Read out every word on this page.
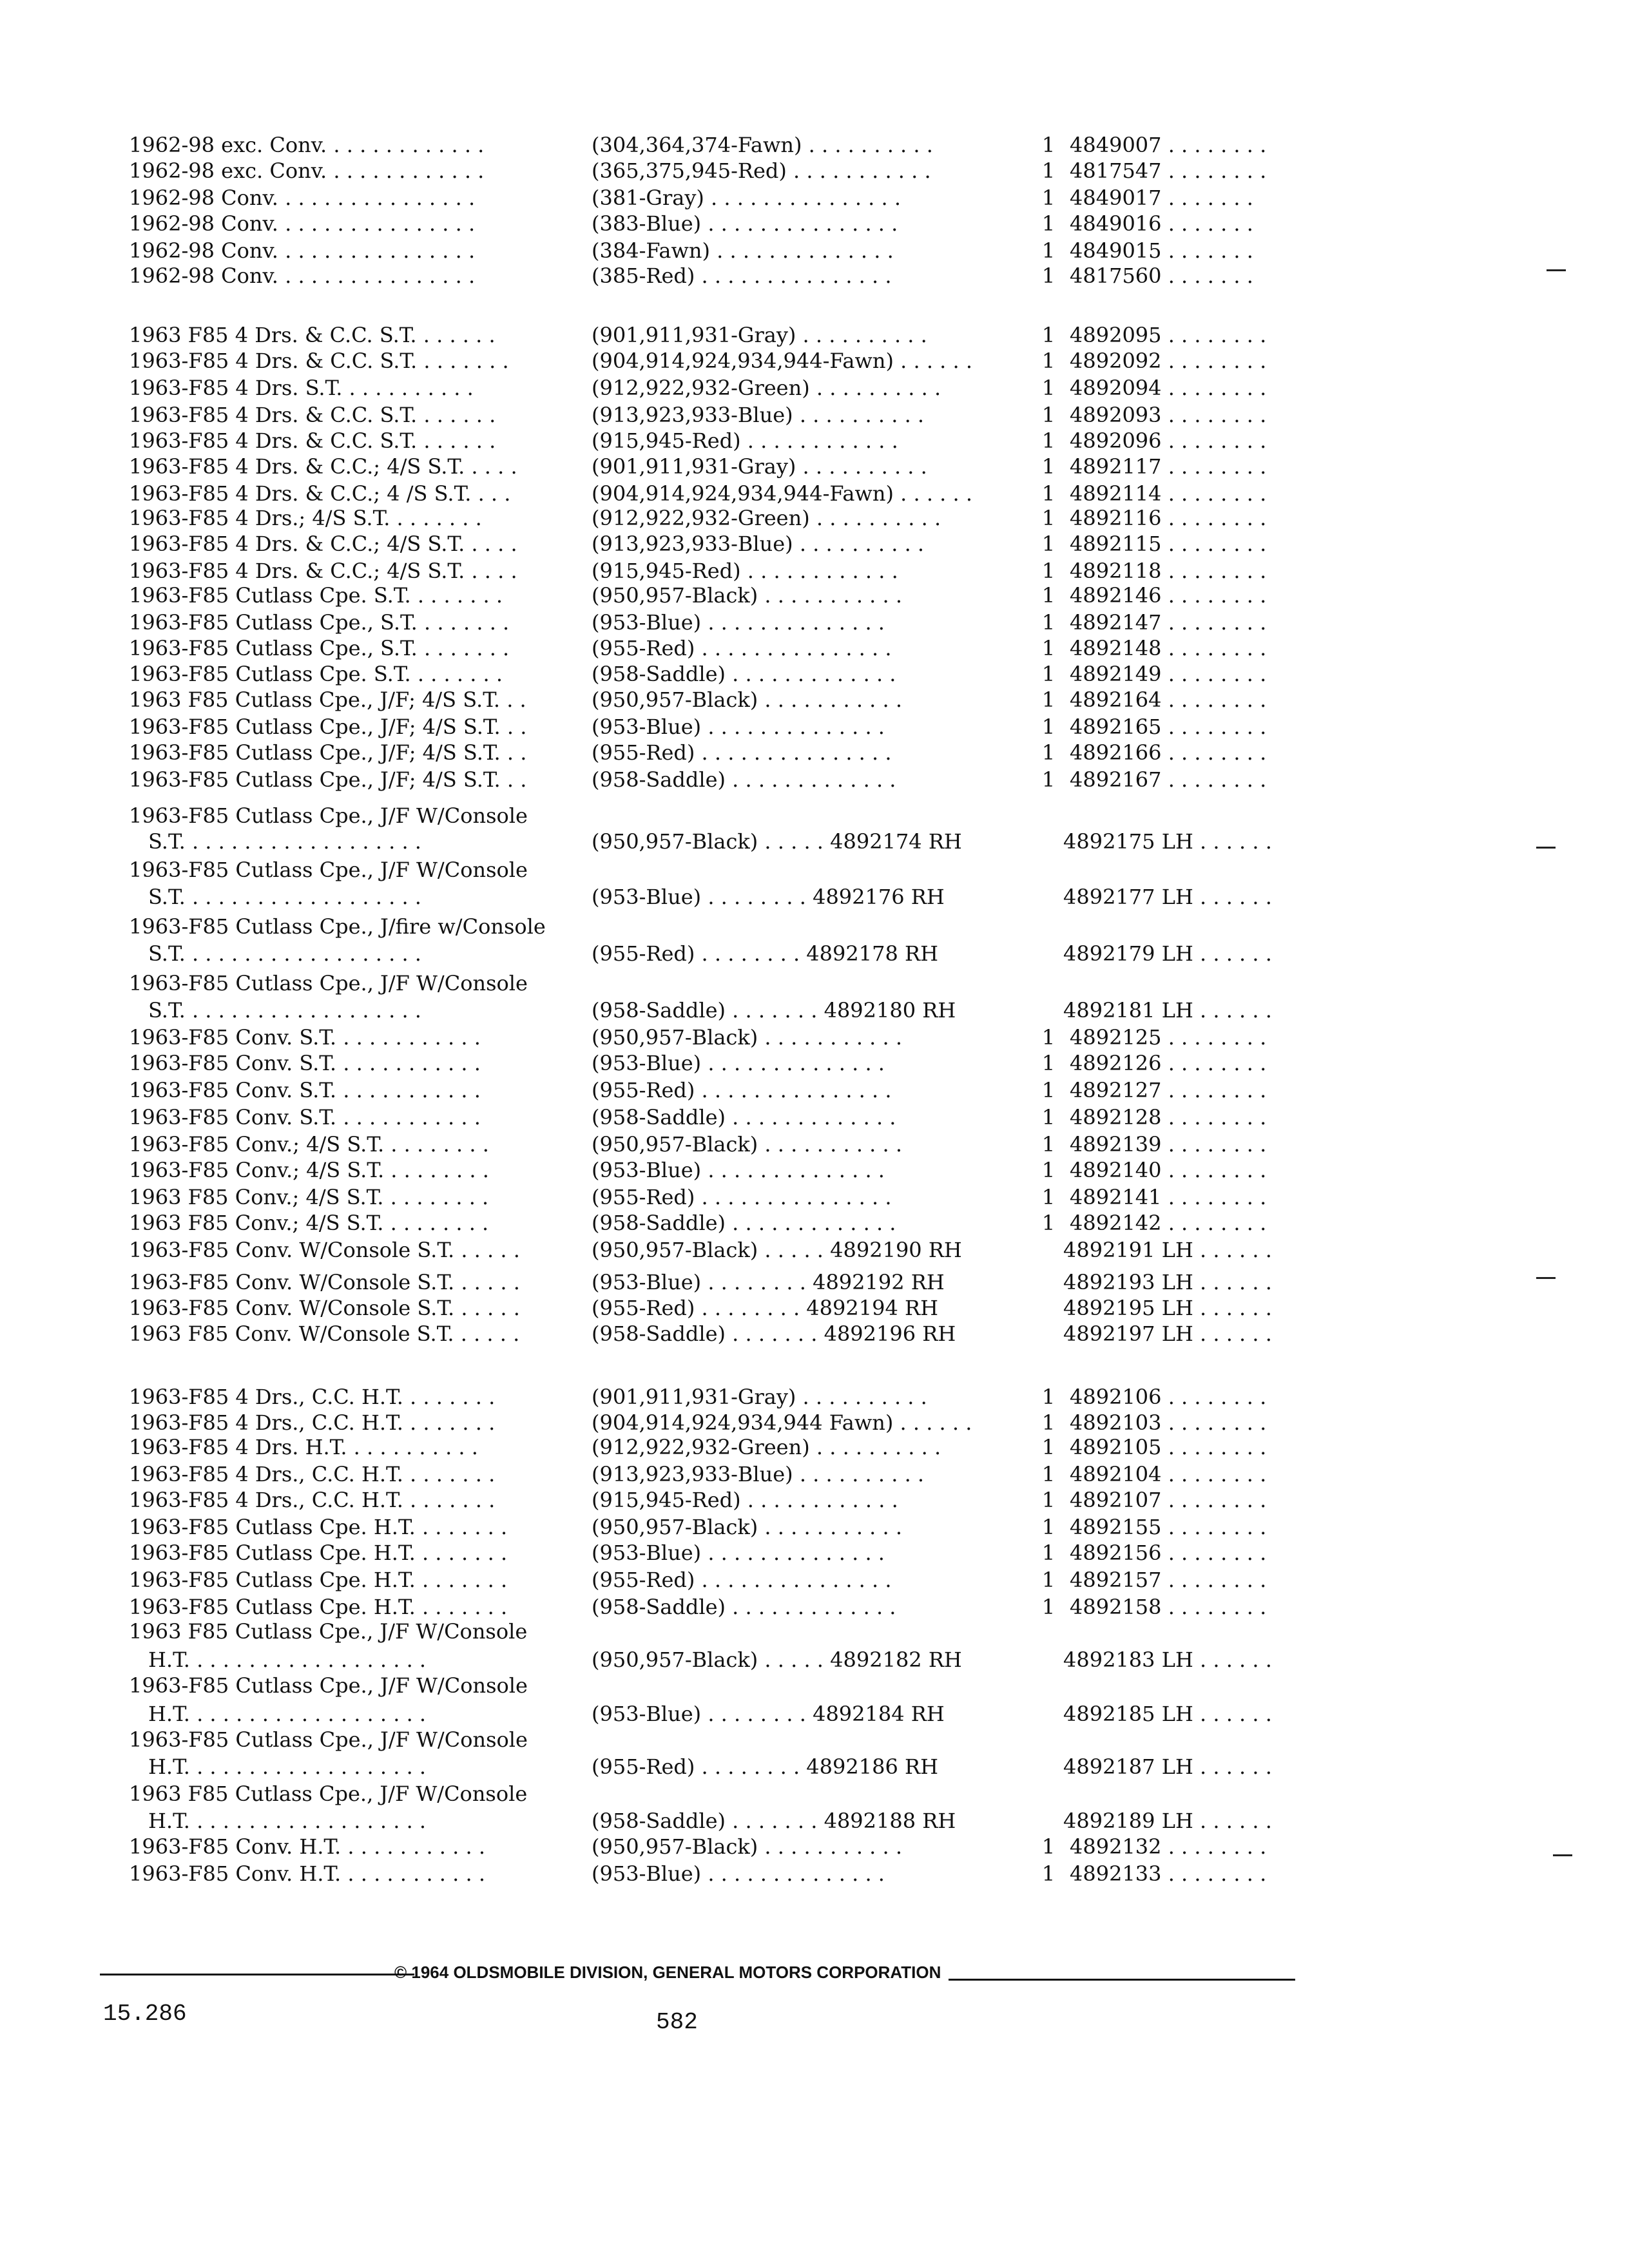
1962-98 exc. Conv. . . . . . . . . . . . .	(304,364,374-Fawn) . . . . . . . . . .	1 4849007 . . . . . . . .
1962-98 exc. Conv. . . . . . . . . . . . .	(365,375,945-Red) . . . . . . . . . . .	1 4817547 . . . . . . . .
1962-98 Conv. . . . . . . . . . . . . . . .	(381-Gray) . . . . . . . . . . . . . . .	1 4849017 . . . . . . .
1962-98 Conv. . . . . . . . . . . . . . . .	(383-Blue) . . . . . . . . . . . . . . .	1 4849016 . . . . . . .
1962-98 Conv. . . . . . . . . . . . . . . .	(384-Fawn) . . . . . . . . . . . . . .	1 4849015 . . . . . . .
1962-98 Conv. . . . . . . . . . . . . . . .	(385-Red) . . . . . . . . . . . . . . .	1 4817560 . . . . . . .
1963 F85 4 Drs. & C.C. S.T. . . . . . .	(901,911,931-Gray) . . . . . . . . . .	1 4892095 . . . . . . . .
1963-F85 4 Drs. & C.C. S.T. . . . . . . .	(904,914,924,934,944-Fawn) . . . . . .	1 4892092 . . . . . . . .
1963-F85 4 Drs. S.T. . . . . . . . . . .	(912,922,932-Green) . . . . . . . . . .	1 4892094 . . . . . . . .
1963-F85 4 Drs. & C.C. S.T. . . . . . .	(913,923,933-Blue) . . . . . . . . . .	1 4892093 . . . . . . . .
1963-F85 4 Drs. & C.C. S.T. . . . . . .	(915,945-Red) . . . . . . . . . . . .	1 4892096 . . . . . . . .
1963-F85 4 Drs. & C.C.; 4/S S.T. . . . .	(901,911,931-Gray) . . . . . . . . . .	1 4892117 . . . . . . . .
1963-F85 4 Drs. & C.C.; 4 /S S.T. . . .	(904,914,924,934,944-Fawn) . . . . . .	1 4892114 . . . . . . . .
1963-F85 4 Drs.; 4/S S.T. . . . . . . .	(912,922,932-Green) . . . . . . . . . .	1 4892116 . . . . . . . .
1963-F85 4 Drs. & C.C.; 4/S S.T. . . . .	(913,923,933-Blue) . . . . . . . . . .	1 4892115 . . . . . . . .
1963-F85 4 Drs. & C.C.; 4/S S.T. . . . .	(915,945-Red) . . . . . . . . . . . .	1 4892118 . . . . . . . .
1963-F85 Cutlass Cpe. S.T. . . . . . . .	(950,957-Black) . . . . . . . . . . .	1 4892146 . . . . . . . .
1963-F85 Cutlass Cpe., S.T. . . . . . . .	(953-Blue) . . . . . . . . . . . . . .	1 4892147 . . . . . . . .
1963-F85 Cutlass Cpe., S.T. . . . . . . .	(955-Red) . . . . . . . . . . . . . . .	1 4892148 . . . . . . . .
1963-F85 Cutlass Cpe. S.T. . . . . . . .	(958-Saddle) . . . . . . . . . . . . .	1 4892149 . . . . . . . .
1963 F85 Cutlass Cpe., J/F; 4/S S.T. . .	(950,957-Black) . . . . . . . . . . .	1 4892164 . . . . . . . .
1963-F85 Cutlass Cpe., J/F; 4/S S.T. . .	(953-Blue) . . . . . . . . . . . . . .	1 4892165 . . . . . . . .
1963-F85 Cutlass Cpe., J/F; 4/S S.T. . .	(955-Red) . . . . . . . . . . . . . . .	1 4892166 . . . . . . . .
1963-F85 Cutlass Cpe., J/F; 4/S S.T. . .	(958-Saddle) . . . . . . . . . . . . .	1 4892167 . . . . . . . .
1963-F85 Cutlass Cpe., J/F W/Console
S.T. . . . . . . . . . . . . . . . . . .	(950,957-Black) . . . . . 4892174 RH	4892175 LH . . . . . .
1963-F85 Cutlass Cpe., J/F W/Console
S.T. . . . . . . . . . . . . . . . . . .	(953-Blue) . . . . . . . . 4892176 RH	4892177 LH . . . . . .
1963-F85 Cutlass Cpe., J/fire w/Console
S.T. . . . . . . . . . . . . . . . . . .	(955-Red) . . . . . . . . 4892178 RH	4892179 LH . . . . . .
1963-F85 Cutlass Cpe., J/F W/Console
S.T. . . . . . . . . . . . . . . . . . .	(958-Saddle) . . . . . . . 4892180 RH	4892181 LH . . . . . .
1963-F85 Conv. S.T. . . . . . . . . . . .	(950,957-Black) . . . . . . . . . . .	1 4892125 . . . . . . . .
1963-F85 Conv. S.T. . . . . . . . . . . .	(953-Blue) . . . . . . . . . . . . . .	1 4892126 . . . . . . . .
1963-F85 Conv. S.T. . . . . . . . . . . .	(955-Red) . . . . . . . . . . . . . . .	1 4892127 . . . . . . . .
1963-F85 Conv. S.T. . . . . . . . . . . .	(958-Saddle) . . . . . . . . . . . . .	1 4892128 . . . . . . . .
1963-F85 Conv.; 4/S S.T. . . . . . . . .	(950,957-Black) . . . . . . . . . . .	1 4892139 . . . . . . . .
1963-F85 Conv.; 4/S S.T. . . . . . . . .	(953-Blue) . . . . . . . . . . . . . .	1 4892140 . . . . . . . .
1963 F85 Conv.; 4/S S.T. . . . . . . . .	(955-Red) . . . . . . . . . . . . . . .	1 4892141 . . . . . . . .
1963 F85 Conv.; 4/S S.T. . . . . . . . .	(958-Saddle) . . . . . . . . . . . . .	1 4892142 . . . . . . . .
1963-F85 Conv. W/Console S.T. . . . . .	(950,957-Black) . . . . . 4892190 RH	4892191 LH . . . . . .
1963-F85 Conv. W/Console S.T. . . . . .	(953-Blue) . . . . . . . . 4892192 RH	4892193 LH . . . . . .
1963-F85 Conv. W/Console S.T. . . . . .	(955-Red) . . . . . . . . 4892194 RH	4892195 LH . . . . . .
1963 F85 Conv. W/Console S.T. . . . . .	(958-Saddle) . . . . . . . 4892196 RH	4892197 LH . . . . . .
1963-F85 4 Drs., C.C. H.T. . . . . . . .	(901,911,931-Gray) . . . . . . . . . .	1 4892106 . . . . . . . .
1963-F85 4 Drs., C.C. H.T. . . . . . . .	(904,914,924,934,944 Fawn) . . . . . .	1 4892103 . . . . . . . .
1963-F85 4 Drs. H.T. . . . . . . . . . .	(912,922,932-Green) . . . . . . . . . .	1 4892105 . . . . . . . .
1963-F85 4 Drs., C.C. H.T. . . . . . . .	(913,923,933-Blue) . . . . . . . . . .	1 4892104 . . . . . . . .
1963-F85 4 Drs., C.C. H.T. . . . . . . .	(915,945-Red) . . . . . . . . . . . .	1 4892107 . . . . . . . .
1963-F85 Cutlass Cpe. H.T. . . . . . . .	(950,957-Black) . . . . . . . . . . .	1 4892155 . . . . . . . .
1963-F85 Cutlass Cpe. H.T. . . . . . . .	(953-Blue) . . . . . . . . . . . . . .	1 4892156 . . . . . . . .
1963-F85 Cutlass Cpe. H.T. . . . . . . .	(955-Red) . . . . . . . . . . . . . . .	1 4892157 . . . . . . . .
1963-F85 Cutlass Cpe. H.T. . . . . . . .	(958-Saddle) . . . . . . . . . . . . .	1 4892158 . . . . . . . .
1963 F85 Cutlass Cpe., J/F W/Console
H.T. . . . . . . . . . . . . . . . . . .	(950,957-Black) . . . . . 4892182 RH	4892183 LH . . . . . .
1963-F85 Cutlass Cpe., J/F W/Console
H.T. . . . . . . . . . . . . . . . . . .	(953-Blue) . . . . . . . . 4892184 RH	4892185 LH . . . . . .
1963-F85 Cutlass Cpe., J/F W/Console
H.T. . . . . . . . . . . . . . . . . . .	(955-Red) . . . . . . . . 4892186 RH	4892187 LH . . . . . .
1963 F85 Cutlass Cpe., J/F W/Console
H.T. . . . . . . . . . . . . . . . . . .	(958-Saddle) . . . . . . . 4892188 RH	4892189 LH . . . . . .
1963-F85 Conv. H.T. . . . . . . . . . . .	(950,957-Black) . . . . . . . . . . .	1 4892132 . . . . . . . .
1963-F85 Conv. H.T. . . . . . . . . . . .	(953-Blue) . . . . . . . . . . . . . .	1 4892133 . . . . . . . .
© 1964 OLDSMOBILE DIVISION, GENERAL MOTORS CORPORATION
15.286	582
